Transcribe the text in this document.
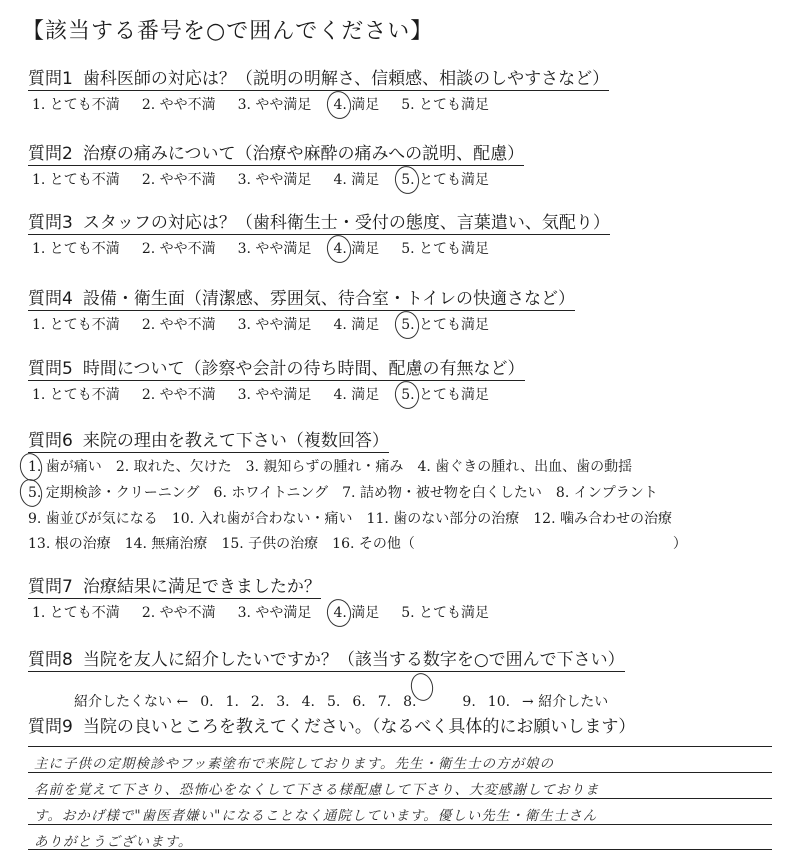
【該当する番号を○で囲んでください】
質問1 歯科医師の対応は？（説明の明解さ、信頼感、相談のしやすさなど）
1. とても不満 2. やや不満 3. やや満足 4. 満足 5. とても満足
質問2 治療の痛みについて（治療や麻酔の痛みへの説明、配慮）
1. とても不満 2. やや不満 3. やや満足 4. 満足 5. とても満足
質問3 スタッフの対応は？（歯科衛生士・受付の態度、言葉遣い、気配り）
1. とても不満 2. やや不満 3. やや満足 4. 満足 5. とても満足
質問4 設備・衛生面（清潔感、雰囲気、待合室・トイレの快適さなど）
1. とても不満 2. やや不満 3. やや満足 4. 満足 5. とても満足
質問5 時間について（診察や会計の待ち時間、配慮の有無など）
1. とても不満 2. やや不満 3. やや満足 4. 満足 5. とても満足
質問6 来院の理由を教えて下さい（複数回答）
1. 歯が痛い 2. 取れた、欠けた 3. 親知らずの腫れ・痛み 4. 歯ぐきの腫れ、出血、歯の動揺
5. 定期検診・クリーニング 6. ホワイトニング 7. 詰め物・被せ物を白くしたい 8. インプラント
9. 歯並びが気になる 10. 入れ歯が合わない・痛い 11. 歯のない部分の治療 12. 噛み合わせの治療
13. 根の治療 14. 無痛治療 15. 子供の治療 16. その他（	）
質問7 治療結果に満足できましたか？
1. とても不満 2. やや不満 3. やや満足 4. 満足 5. とても満足
質問8 当院を友人に紹介したいですか？（該当する数字を○で囲んで下さい）
紹介したくない ← 0. 1. 2. 3. 4. 5. 6. 7. 8.	9. 10. → 紹介したい
質問9 当院の良いところを教えてください。（なるべく具体的にお願いします）
主に子供の定期検診やフッ素塗布で来院しております。先生・衛生士の方が娘の
名前を覚えて下さり、恐怖心をなくして下さる様配慮して下さり、大変感謝しておりま
す。おかげ様で"歯医者嫌い"になることなく通院しています。優しい先生・衛生士さん
ありがとうございます。
